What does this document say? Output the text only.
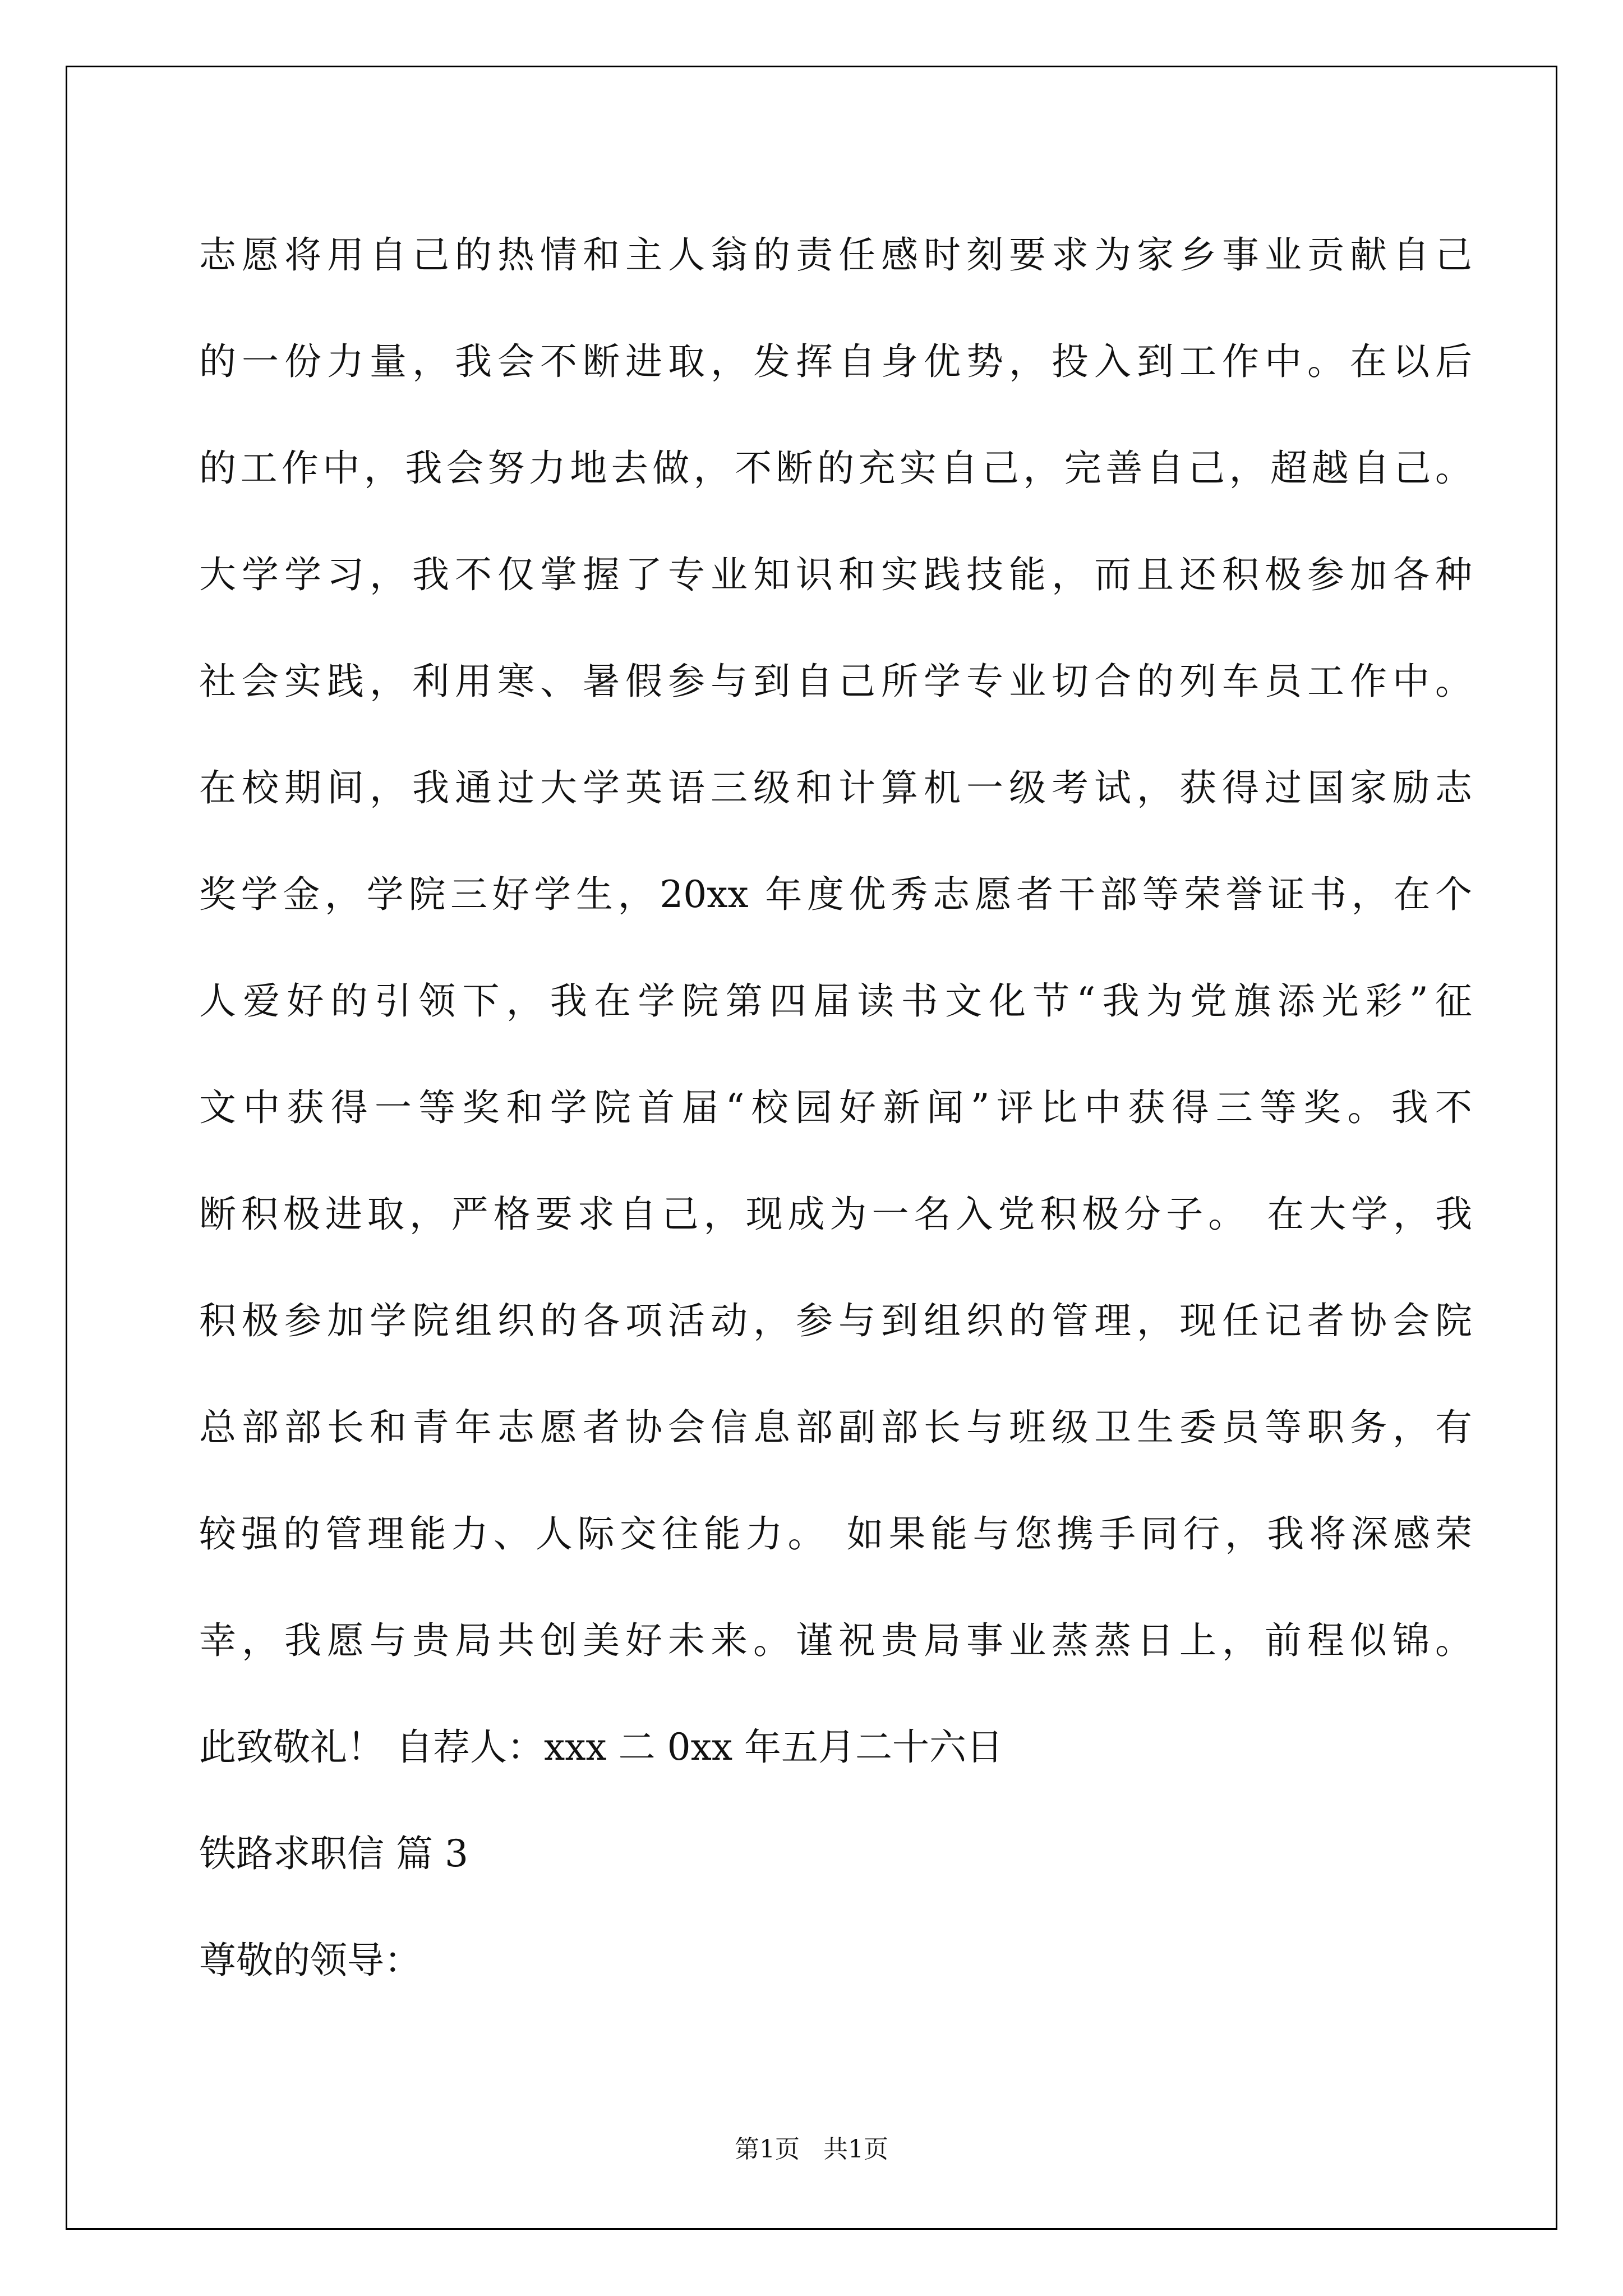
志愿将用自己的热情和主人翁的责任感时刻要求为家乡事业贡献自己
的一份力量，我会不断进取，发挥自身优势，投入到工作中。在以后
的工作中，我会努力地去做，不断的充实自己，完善自己，超越自己。
大学学习，我不仅掌握了专业知识和实践技能，而且还积极参加各种
社会实践，利用寒、暑假参与到自己所学专业切合的列车员工作中。
在校期间，我通过大学英语三级和计算机一级考试，获得过国家励志
奖学金，学院三好学生，20xx 年度优秀志愿者干部等荣誉证书，在个
人爱好的引领下，我在学院第四届读书文化节“我为党旗添光彩”征
文中获得一等奖和学院首届“校园好新闻”评比中获得三等奖。我不
断积极进取，严格要求自己，现成为一名入党积极分子。 在大学，我
积极参加学院组织的各项活动，参与到组织的管理，现任记者协会院
总部部长和青年志愿者协会信息部副部长与班级卫生委员等职务，有
较强的管理能力、人际交往能力。 如果能与您携手同行，我将深感荣
幸，我愿与贵局共创美好未来。谨祝贵局事业蒸蒸日上，前程似锦。
此致敬礼！ 自荐人：xxx 二 0xx 年五月二十六日
铁路求职信 篇 3
尊敬的领导：
第1页   共1页
